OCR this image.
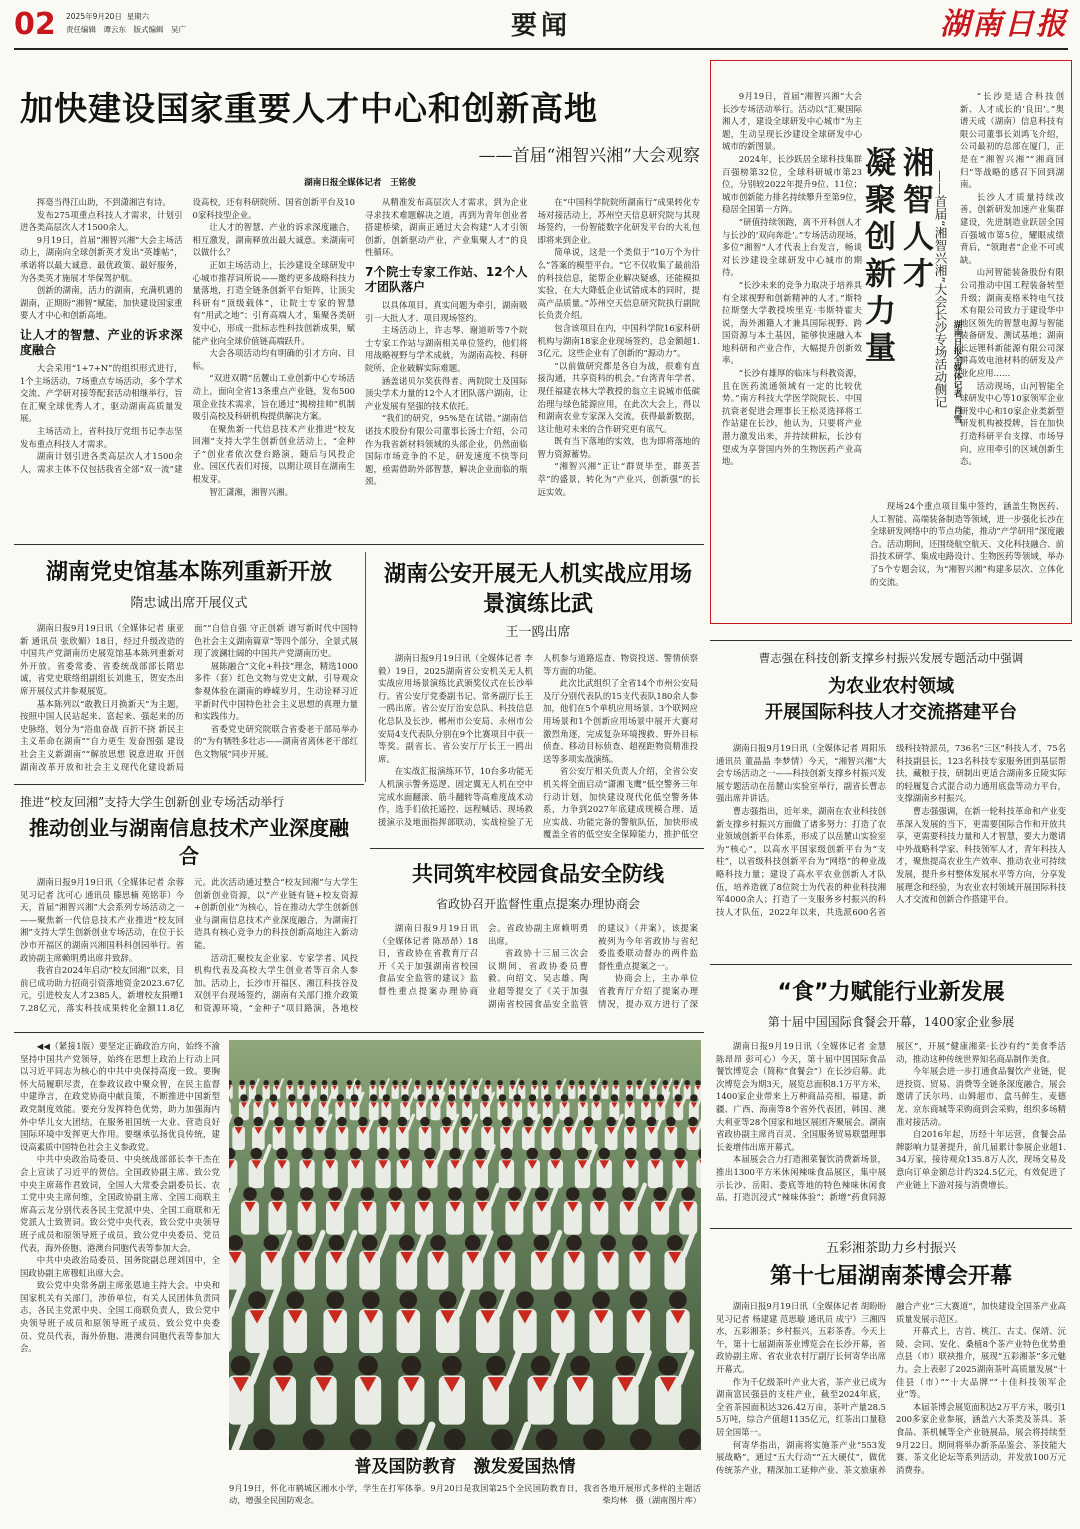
02 2025年9月20日 星期六
责任编辑　谭云东　版式编辑　吴广	要闻	湖南日报
加快建设国家重要人才中心和创新高地
——首届“湘智兴湘”大会观察
湖南日报全媒体记者　王铭俊

挥毫当得江山助，不到潇湘岂有诗。

发布275项重点科技人才需求，计划引进各类高层次人才1500余人。

9月19日，首届“湘智兴湘”大会主场活动上，湖南向全球创新英才发出“英雄帖”，承诺将以最大诚意、最优政策、最好服务，为各类英才施展才华保驾护航。

创新的湖南，活力的湖南，充满机遇的湖南，正期盼“湘智”赋能，加快建设国家重要人才中心和创新高地。

让人才的智慧、产业的诉求深度融合

大会采用“1+7+N”的组织形式进行，1个主场活动，7场重点专场活动，多个学术交流、产学研对接等配套活动相继举行，旨在汇聚全球优秀人才，驱动湖南高质量发展。

主场活动上，省科技厅党组书记李志坚发布重点科技人才需求。

湖南计划引进各类高层次人才1500余人，需求主体不仅包括我省全部“双一流”建设高校，还有科研院所、国省创新平台及100家科技型企业。

让人才的智慧、产业的诉求深度融合，相互激发，湖南释放出最大诚意。来湖南可以做什么？

正如主场活动上，长沙建设全球研发中心城市推荐词所说——邀约更多战略科技力量落地，打造全链条创新平台矩阵，让顶尖科研有“顶级载体”，让院士专家的智慧有“用武之地”；引育高端人才，集聚各类研发中心，形成一批标志性科技创新成果，赋能产业向全球价值链高端跃升。

大会各项活动均有明确的引才方向、目标。

“双进双聘”岳麓山工业创新中心专场活动上，面向全省13条重点产业链，发布500项企业技术需求，旨在通过“揭榜挂帅”机制吸引高校及科研机构提供解决方案。

在聚焦新一代信息技术产业推进“校友回湘”支持大学生创新创业活动上，“金种子”创业者依次登台路演，随后与风投企业、园区代表们对接，以期让项目在湖南生根发芽。

智汇潇湘，湘智兴湘。

从精准发布高层次人才需求，到为企业寻求技术难题解决之道，再到为青年创业者搭建桥梁，湖南正通过大会构建“人才引领创新，创新驱动产业，产业集聚人才”的良性循环。

7个院士专家工作站、12个人才团队落户

以具体项目，真实问题为牵引，湖南吸引一大批人才、项目现场签约。

主场活动上，许志琴、谢道昕等7个院士专家工作站与湖南相关单位签约，他们将用战略视野与学术成就，为湖南高校、科研院所、企业破解实际难题。

涵盖诺贝尔奖获得者、两院院士及国际顶尖学术力量的12个人才团队落户湖南，让产业发展有坚强的技术依托。

“我们的研究，95%是在试错。”湖南信诺技术股份有限公司董事长汤士介绍，公司作为我省新材料领域的头部企业，仍然面临国际市场竞争的不足，研发速度不快等问题，亟需借助外部智慧，解决企业面临的瓶颈。

在“中国科学院院所湖南行”成果转化专场对接活动上，苏州空天信息研究院与其现场签约，一份智能数字化研发平台的大礼包即将来到企业。

简单说，这是一个类似于“10万个为什么”答案的模型平台。“它不仅收集了最前沿的科技信息，能帮企业解决疑惑，还能模拟实验，在大大降低企业试错成本的同时，提高产品质量。”苏州空天信息研究院执行副院长负责介绍。

包含该项目在内，中国科学院16家科研机构与湖南18家企业现场签约，总金额超1.3亿元，这些企业有了创新的“源动力”。

“以前做研究都是各自为战，很难有直接沟通，共享资料的机会。”台湾青年学者、现任福建农林大学教授的翁立主说城市低碳治理与绿色能源应用，在此次大会上，得以和湖南农业专家深入交流，获得最新数据，这让他对未来的合作研究更有底气。

既有当下落地的实效，也为即将落地的智力资源蓄势。

“湘智兴湘”正让“群贤毕至，群英荟萃”的盛景，转化为“产业兴，创新强”的长远实效。

9月19日，首届“湘智兴湘”大会长沙专场活动举行。活动以“汇聚国际湘人才，建设全球研发中心城市”为主题，生动呈现长沙建设全球研发中心城市的新图景。

2024年，长沙跃居全球科技集群百强榜第32位，全球科研城市第23位，分别较2022年提升9位、11位；城市创新能力排名持续攀升至第9位，稳居全国第一方阵。

“研值持续领跑，离不开科创人才与长沙的‘双向奔赴’。”专场活动现场，多位“湘智”人才代表上台发言，畅谈对长沙建设全球研发中心城市的期待。

“长沙未来的竞争力取决于培养具有全球视野和创新精神的人才。”斯特拉斯堡大学教授埃里克·韦斯特霍夫说，海外湘籍人才兼具国际视野、跨国资源与本土基因，能够快速融入本地科研和产业合作，大幅提升创新效率。

“长沙有雄厚的临床与科教资源，且在医药流通领域有一定的比较优势。”南方科技大学医学院院长、中国抗衰老促进会理事长王松灵选择将工作站建在长沙，他认为，只要将产业潜力激发出来，并持续耕耘，长沙有望成为享誉国内外的生物医药产业高地。

湘智人才
凝聚创新力量	——首届“湘智兴湘”大会长沙专场活动侧记 湖南日报全媒体记者　肖雪

“长沙是适合科技创新、人才成长的‘良田’。”奥谱天成（湖南）信息科技有限公司董事长刘鸿飞介绍，公司最初的总部在厦门，正是在“湘智兴湘”“湘商回归”等战略的感召下回到湖南。

长沙人才质量持续改善，创新研发加速产业集群建设，先进制造业跃居全国百强城市第5位，耀眼成绩背后，“领跑者”企业不可或缺。

山河智能装备股份有限公司推动中国工程装备转型升级；湖南麦格米特电气技术有限公司致力于建设华中地区领先的智慧电源与智能装备研发、测试基地；湖南长远锂科新能源有限公司深耕高效电池材料的研发及产业化应用……

活动现场，山河智能全球研发中心等10家领军企业研发中心和10家企业类新型研发机构被授牌，旨在加快打造科研平台支撑、市场导向，应用牵引的区域创新生态。

现场24个重点项目集中签约，涵盖生物医药、人工智能、高端装备制造等领域，进一步强化长沙在全球研发网络中的节点功能，推动“产学研用”深度融合。活动期间，还围绕航空航天、文化科技融合、前沿技术研学、集成电路设计、生物医药等领域，举办了5个专题会议，为“湘智兴湘”构建多层次、立体化的交流。

湖南党史馆基本陈列重新开放
隋忠诚出席开展仪式

湖南日报9月19日讯（全媒体记者 康亚新 通讯员 张欣媚）18日，经过升级改造的中国共产党湖南历史展览馆基本陈列重新对外开放。省委常委、省委统战部部长隋忠诚，省党史联络组副组长刘進玉，贺安杰出席开展仪式并参观展览。

基本陈列以“敢教日月换新天”为主题，按照中国人民站起来、富起来、强起来的历史脉络，划分为“浴血奋战 百折不挠 新民主主义革命在湖南”“自力更生 发奋图强 建设社会主义新湖南”“解放思想 锐意进取 开创湖南改革开放和社会主义现代化建设新局面”“自信自强 守正创新 谱写新时代中国特色社会主义湖南篇章”等四个部分，全景式展现了波澜壮阔的中国共产党湖南历史。

展陈融合“文化+科技”理念，精选1000多件（套）红色文物与党史文献，引导观众参观体验在湖南的峥嵘岁月，生动诠释习近平新时代中国特色社会主义思想的真理力量和实践伟力。

省委党史研究院联合省委老干部局举办的“为有牺牲多壮志——湖南省离休老干部红色文物展”同步开展。

湖南公安开展无人机实战应用场景演练比武
王一鸥出席

湖南日报9月19日讯（全媒体记者 李毅）19日，2025湖南省公安机关无人机实战应用场景演练比武颁奖仪式在长沙举行。省公安厅党委副书记、常务副厅长王一鸥出席。省公安厅治安总队、科技信息化总队及长沙、郴州市公安局、永州市公安局4支代表队分别在9个比赛项目中获一等奖。副省长、省公安厅厅长王一鸥出席。

在实战汇报演练环节，10台多功能无人机演示警务巡逻、固定翼无人机在空中完成水面翻滚、筋斗翻转等高难度战术动作，选手们依托遥控、远程喊话、现场救援演示及地面指挥部联动，实战检验了无人机参与道路巡查、物资投送、警情侦察等方面的功能。

此次比武组织了全省14个市州公安局及厅分别代表队的15支代表队180余人参加，他们在5个单机应用场景、3个联网应用场景和1个创新应用场景中展开大赛对激烈角逐，完成复杂环境搜救、野外目标侦查、移动目标侦查、超视距物资精准投送等多项实战演练。

省公安厅相关负责人介绍，全省公安机关将全面启动“潇湘飞鹰”低空警务三年行动计划，加快建设现代化低空警务体系，力争到2027年底建成规模合理、适应实战、功能完备的警航队伍，加快形成覆盖全省的低空安全保障能力，推护低空

推进“校友回湘”支持大学生创新创业专场活动举行
推动创业与湖南信息技术产业深度融合

湖南日报9月19日讯（全媒体记者 余蓉 见习记者 沈可心 通讯员 滕思楠 苑铭菲）今天，首届“湘智兴湘”大会系列专场活动之一——聚焦新一代信息技术产业推进“校友回湘”支持大学生创新创业专场活动，在位于长沙市开福区的湖南兴湘国科科创园举行。省政协副主席赖明勇出席并致辞。

我省自2024年启动“校友回湘”以来，目前已成功助力招商引资落地资金2023.67亿元，引进校友人才2385人，新增校友捐赠17.28亿元，落实科技成果转化金额11.8亿元。此次活动通过整合“校友回湘”与大学生创新创业资源，以“产业链有链+校友资源+创新创业”为核心，旨在推动大学生创新创业与湖南信息技术产业深度融合，为湖南打造具有核心竞争力的科技创新高地注入新动能。

活动汇聚校友企业家、专家学者、风投机构代表及高校大学生创业者等百余人参加。活动上，长沙市开福区、湘江科技谷及双创平台现场签约，湖南有关部门推介政策和资源环境，“金种子”项目路演，各地校

共同筑牢校园食品安全防线
省政协召开监督性重点提案办理协商会

湖南日报9月19日讯（全媒体记者 陈昂昂）18日，省政协在省教育厅召开《关于加强湖南省校园食品安全监管的建议》监督性重点提案办理协商会。省政协副主席赖明勇出席。

省政协十三届三次会议期间，省政协委员曹毅、向绍文、吴志雄、陶业超等提交了《关于加强湖南省校园食品安全监管的建议》（并案），该提案被列为今年省政协与省纪委监委联动督办的两件监督性重点提案之一。

协商会上，主办单位省教育厅介绍了提案办理情况，提办双方进行了深

曹志强在科技创新支撑乡村振兴发展专题活动中强调
为农业农村领域
开展国际科技人才交流搭建平台

湖南日报9月19日讯（全媒体记者 周阳乐 通讯员 董晶晶 李梦情）今天，“湘智兴湘”大会专场活动之一——科技创新支撑乡村振兴发展专题活动在岳麓山实验室举行，副省长曹志强出席并讲话。

曹志强指出，近年来，湖南在农业科技创新支撑乡村振兴方面做了诸多努力：打造了农业领域创新平台体系，形成了以岳麓山实验室为“核心”，以高水平国家级创新平台为“支柱”，以省级科技创新平台为“网络”的种业战略科技力量；建设了高水平农业创新人才队伍，培养造就了8位院士为代表的种业科技湘军4000余人；打造了一支服务乡村振兴的科技人才队伍，2022年以来，共选派600名省级科技特派员，736名“三区”科技人才，75名科技副县长，123名科技专家服务团到基层帮扶，藏粮于技，研制出更适合湖南多丘陵实际的轻履复合式混合动力通用底盘等动力平台，支撑湖南乡村振兴。

曹志强强调，在新一轮科技革命和产业变革深入发展的当下，更需要国际合作和开放共享，更需要科技力量和人才智慧，要大力邀请中外战略科学家、科技领军人才，青年科技人才，聚焦提高农业生产效率、推动农业可持续发展，提升乡村整体发展水平等方向，分享发展理念和经验，为农业农村领域开展国际科技人才交流和创新合作搭建平台。

“食”力赋能行业新发展
第十届中国国际食餐会开幕，1400家企业参展

湖南日报9月19日讯（全媒体记者 金慧 陈昂昂 彭可心）今天，第十届中国国际食品餐饮博览会（简称“食餐会”）在长沙启幕。此次博览会为期3天，展览总面积8.1万平方米，1400家企业带来上万种商品亮相，福建、新疆、广西、海南等8个省外代表团，韩国、澳大利亚等28个国家和地区展团齐聚展会。湖南省政协副主席肖百灵、全国服务贸易联盟理事长姜增伟出席开幕式。

本届展会合力打造湘菜餐饮消费新场景，推出1300平方米休闲辣味食品展区，集中展示长沙、岳阳、娄底等地的特色辣味休闲食品，打造沉浸式“辣味体验”；新增“药食同源展区”，开展“健康湘菜·长沙有约”美食季活动，推动这种传统世界知名商品制作美食。

今年展会进一步打通食品餐饮产业链，促进投资、贸易、消费等全链条深度融合，展会邀请了沃尔玛、山姆超市、盒马鲜生、麦德龙、京东商城等采购商到会采购，组织多场精准对接活动。

自2016年起，历经十年运营，食餐会品牌影响力显著提升，前几届累计参展企业超1.34万家，接待观众135.8万人次，现场交易及意向订单金额总计约324.5亿元，有效促进了产业链上下游对接与消费增长。

◀◀（紧接1版）要坚定正确政治方向，始终不渝坚持中国共产党领导，始终在思想上政治上行动上同以习近平同志为核心的中共中央保持高度一致。要胸怀大局履职尽责，在参政议政中聚众智，在民主监督中建诤言，在政党协商中献良策，不断推进中国新型政党制度效能。要充分发挥特色优势，助力加强海内外中华儿女大团结，在服务祖国统一大业、营造良好国际环境中发挥更大作用。要继承弘扬优良传统，建设高素质中国特色社会主义参政党。

中共中央政治局委员、中央统战部部长李干杰在会上宣读了习近平的贺信。全国政协副主席、致公党中央主席蒋作君致词，全国人大常委会副委员长、农工党中央主席何维，全国政协副主席、全国工商联主席高云龙分别代表各民主党派中央、全国工商联和无党派人士致贺词。致公党中央代表，致公党中央领导班子成员和原领导班子成员、致公党中央委员、党员代表，海外侨胞、港澳台同胞代表等参加大会。

中共中央政治局委员、国务院副总理刘国中，全国政协副主席穆虹出席大会。

致公党中央常务副主席张恩迪主持大会。中央和国家机关有关部门，涉侨单位，有关人民团体负责同志，各民主党派中央、全国工商联负责人，致公党中央领导班子成员和原领导班子成员、致公党中央委员、党员代表，海外侨胞、港澳台同胞代表等参加大会。

普及国防教育　激发爱国热情
9月19日，怀化市鹤城区湘水小学，学生在打军体拳。9月20日是我国第25个全民国防教育日，我省各地开展形式多样的主题活动，增强全民国防观念。	柴均林　摄（湖南图片库）
五彩湘茶助力乡村振兴
第十七届湖南茶博会开幕

湖南日报9月19日讯（全媒体记者 胡盼盼 见习记者 杨建建 范思璇 通讯员 成宁）三湘四水，五彩湘茶；乡村振兴，五彩茶香。今天上午，第十七届湖南茶业博览会在长沙开幕，省政协副主席、省农业农村厅副厅长何寄华出席开幕式。

作为千亿级茶叶产业大省，茶产业已成为湖南富民强县的支柱产业，截至2024年底，全省茶园面积达326.42万亩，茶叶产量28.55万吨，综合产值超1135亿元，红茶出口量稳居全国第一。

何寄华指出，湖南将实施茶产业“553发展战略”，通过“五大行动”“五大硬仗”，做优传统茶产业，精深加工延伸产业、茶文旅康养融合产业“三大赛道”，加快建设全国茶产业高质量发展示范区。

开幕式上，吉首、桃江、古丈、保靖、沅陵、会同、安化、桑植8个茶产业特色优势重点县（市）联袂推介，展现“五彩湘茶”多元魅力。会上表彰了2025湖南茶叶高质量发展“十佳县（市）”“十大品牌”“十佳科技领军企业”等。

本届茶博会展览面积达2万平方米，吸引1200多家企业参展，涵盖六大茶类及茶具、茶食品、茶机械等全产业链展品，展会将持续至9月22日。期间将举办新茶品鉴会、茶技能大赛、茶文化论坛等系列活动，并发放100万元消费券。
